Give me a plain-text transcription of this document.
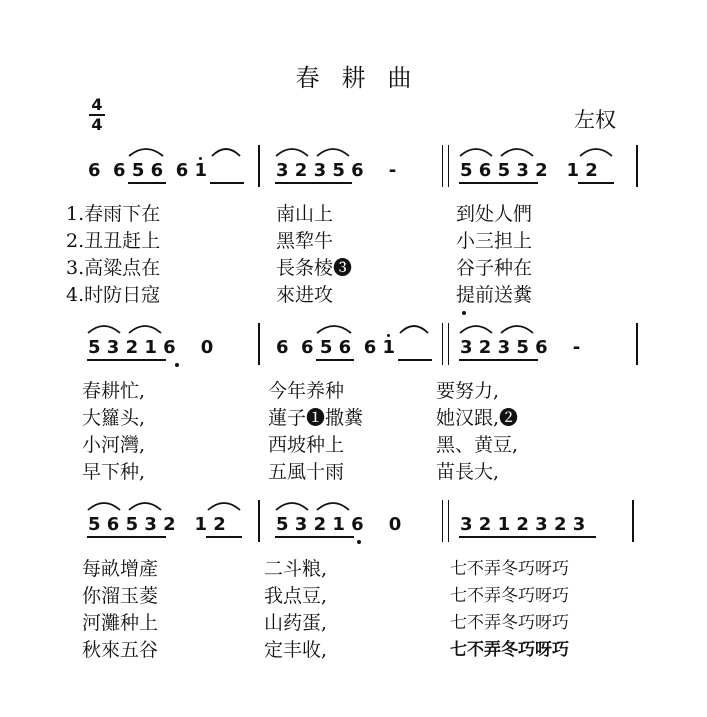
春耕曲
左权
4
4
6  6 5 6  6 1	3 2 3 5 6    -	5 6 5 3 2   1 2
1.春雨下在	南山上	到处人們
2.丑丑赶上	黑犂牛	小三担上
3.高粱点在	長条棱❸	谷子种在
4.时防日寇	來进攻	提前送糞
5 3 2 1 6    0	6  6 5 6  6 1	3 2 3 5 6    -
春耕忙,	今年养种	要努力,
大籮头,	蓮子❶撒糞	她汉跟,❷
小河灣,	西坡种上	黑、黄豆,
早下种,	五風十雨	苗長大,
5 6 5 3 2   1 2	5 3 2 1 6    0	3 2 1 2 3 2 3
每畝增產	二斗粮,	七不弄冬巧呀巧
你溜玉菱	我点豆,	七不弄冬巧呀巧
河灘种上	山药蛋,	七不弄冬巧呀巧
秋來五谷	定丰收,	七不弄冬巧呀巧
